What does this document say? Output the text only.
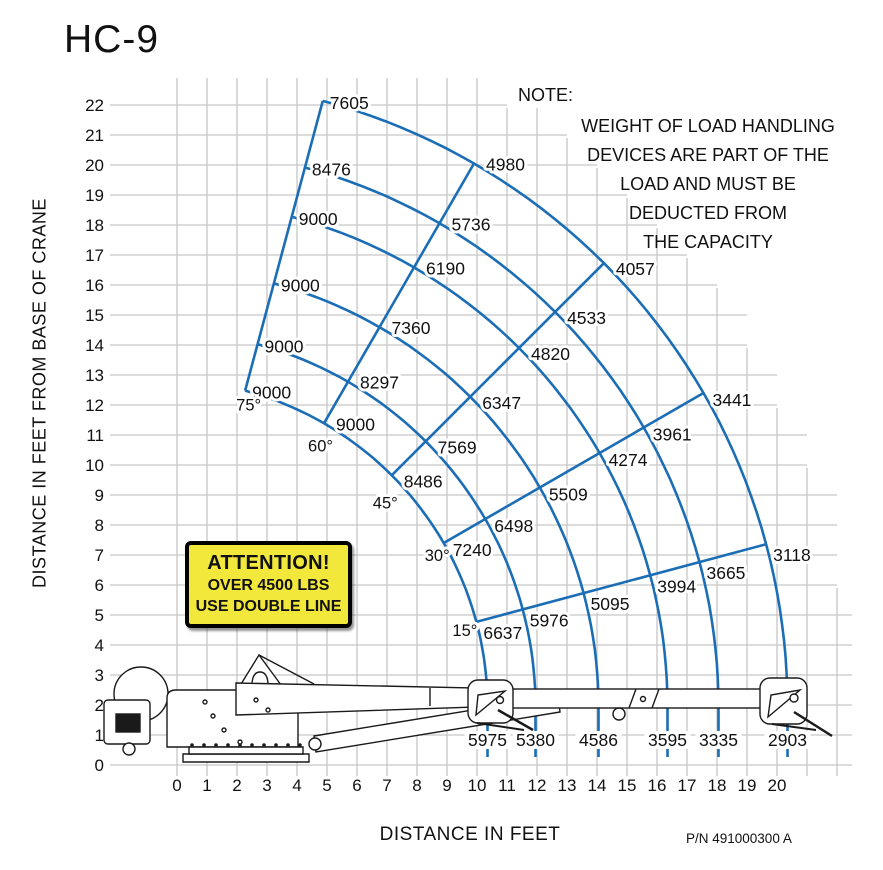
9000
9000
9000
9000
8476
7605
75°
9000
8297
7360
6190
5736
4980
60°
8486
7569
6347
4820
4533
4057
45°
7240
6498
5509
4274
3961
3441
30°
6637
5976
5095
3994
3665
3118
15°
5975 5380 4586 3595 3335 2903
0 1 2 3 4 5 6 7 8 9 10 11 12 13 14 15 16 17 18 19 20
0
1
2
3
4
5
6
7
8
9
10
11
12
13
14
15
16
17
18
19
20
21
22
HC-9
NOTE:
WEIGHT OF LOAD HANDLING
DEVICES ARE PART OF THE
LOAD AND MUST BE
DEDUCTED FROM
THE CAPACITY
ATTENTION!
OVER 4500 LBS
USE DOUBLE LINE
DISTANCE IN FEET FROM BASE OF CRANE
DISTANCE IN FEET	P/N 491000300 A
